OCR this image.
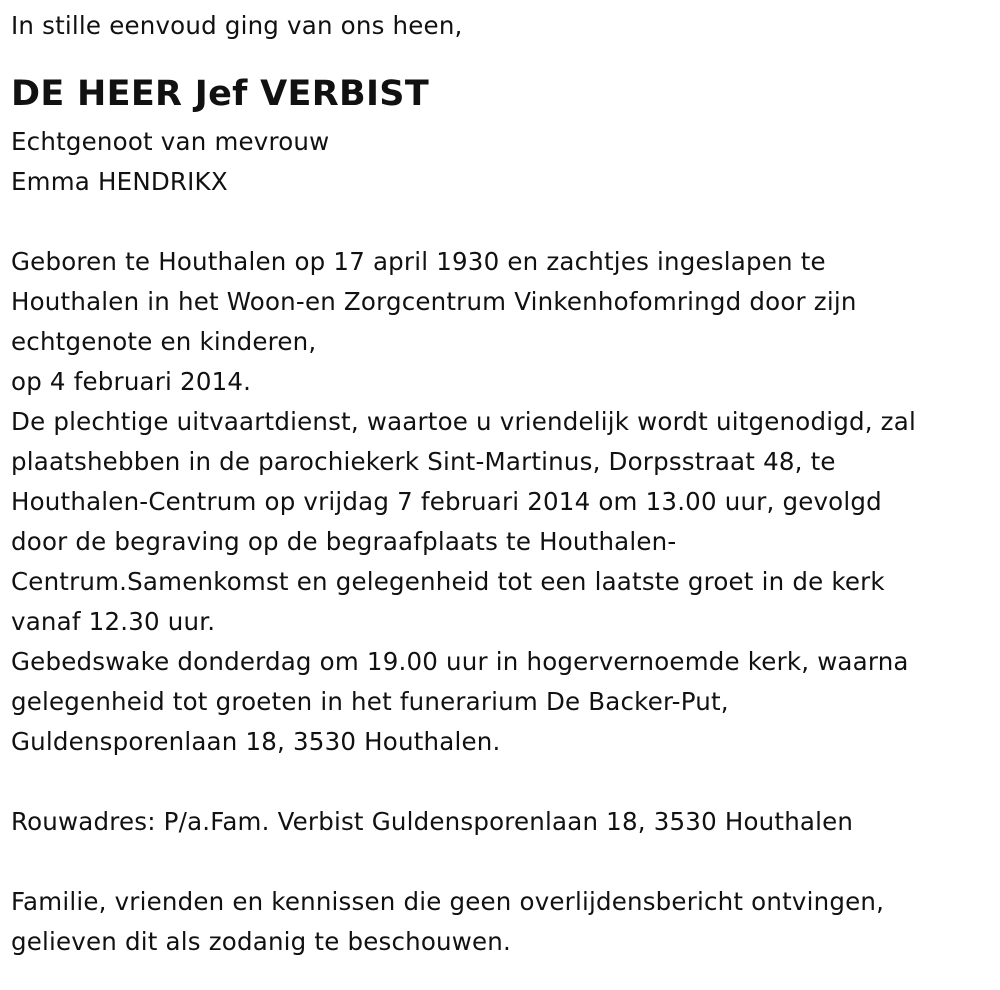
In stille eenvoud ging van ons heen,
DE HEER Jef VERBIST
Echtgenoot van mevrouw
Emma HENDRIKX
Geboren te Houthalen op 17 april 1930 en zachtjes ingeslapen te
Houthalen in het Woon-en Zorgcentrum Vinkenhofomringd door zijn
echtgenote en kinderen,
op 4 februari 2014.
De plechtige uitvaartdienst, waartoe u vriendelijk wordt uitgenodigd, zal
plaatshebben in de parochiekerk Sint-Martinus, Dorpsstraat 48, te
Houthalen-Centrum op vrijdag 7 februari 2014 om 13.00 uur, gevolgd
door de begraving op de begraafplaats te Houthalen-
Centrum.Samenkomst en gelegenheid tot een laatste groet in de kerk
vanaf 12.30 uur.
Gebedswake donderdag om 19.00 uur in hogervernoemde kerk, waarna
gelegenheid tot groeten in het funerarium De Backer-Put,
Guldensporenlaan 18, 3530 Houthalen.
Rouwadres: P/a.Fam. Verbist Guldensporenlaan 18, 3530 Houthalen
Familie, vrienden en kennissen die geen overlijdensbericht ontvingen,
gelieven dit als zodanig te beschouwen.
